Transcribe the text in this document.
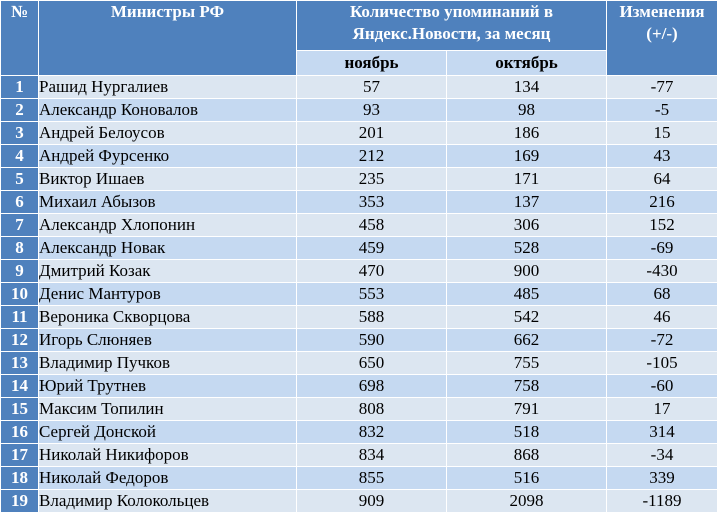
№	Министры РФ	Количество упоминаний в Яндекс.Новости, за месяц		Изменения (+/-)
		ноябрь	октябрь	
1	Рашид Нургалиев	57	134	-77
2	Александр Коновалов	93	98	-5
3	Андрей Белоусов	201	186	15
4	Андрей Фурсенко	212	169	43
5	Виктор Ишаев	235	171	64
6	Михаил Абызов	353	137	216
7	Александр Хлопонин	458	306	152
8	Александр Новак	459	528	-69
9	Дмитрий Козак	470	900	-430
10	Денис Мантуров	553	485	68
11	Вероника Скворцова	588	542	46
12	Игорь Слюняев	590	662	-72
13	Владимир Пучков	650	755	-105
14	Юрий Трутнев	698	758	-60
15	Максим Топилин	808	791	17
16	Сергей Донской	832	518	314
17	Николай Никифоров	834	868	-34
18	Николай Федоров	855	516	339
19	Владимир Колокольцев	909	2098	-1189
